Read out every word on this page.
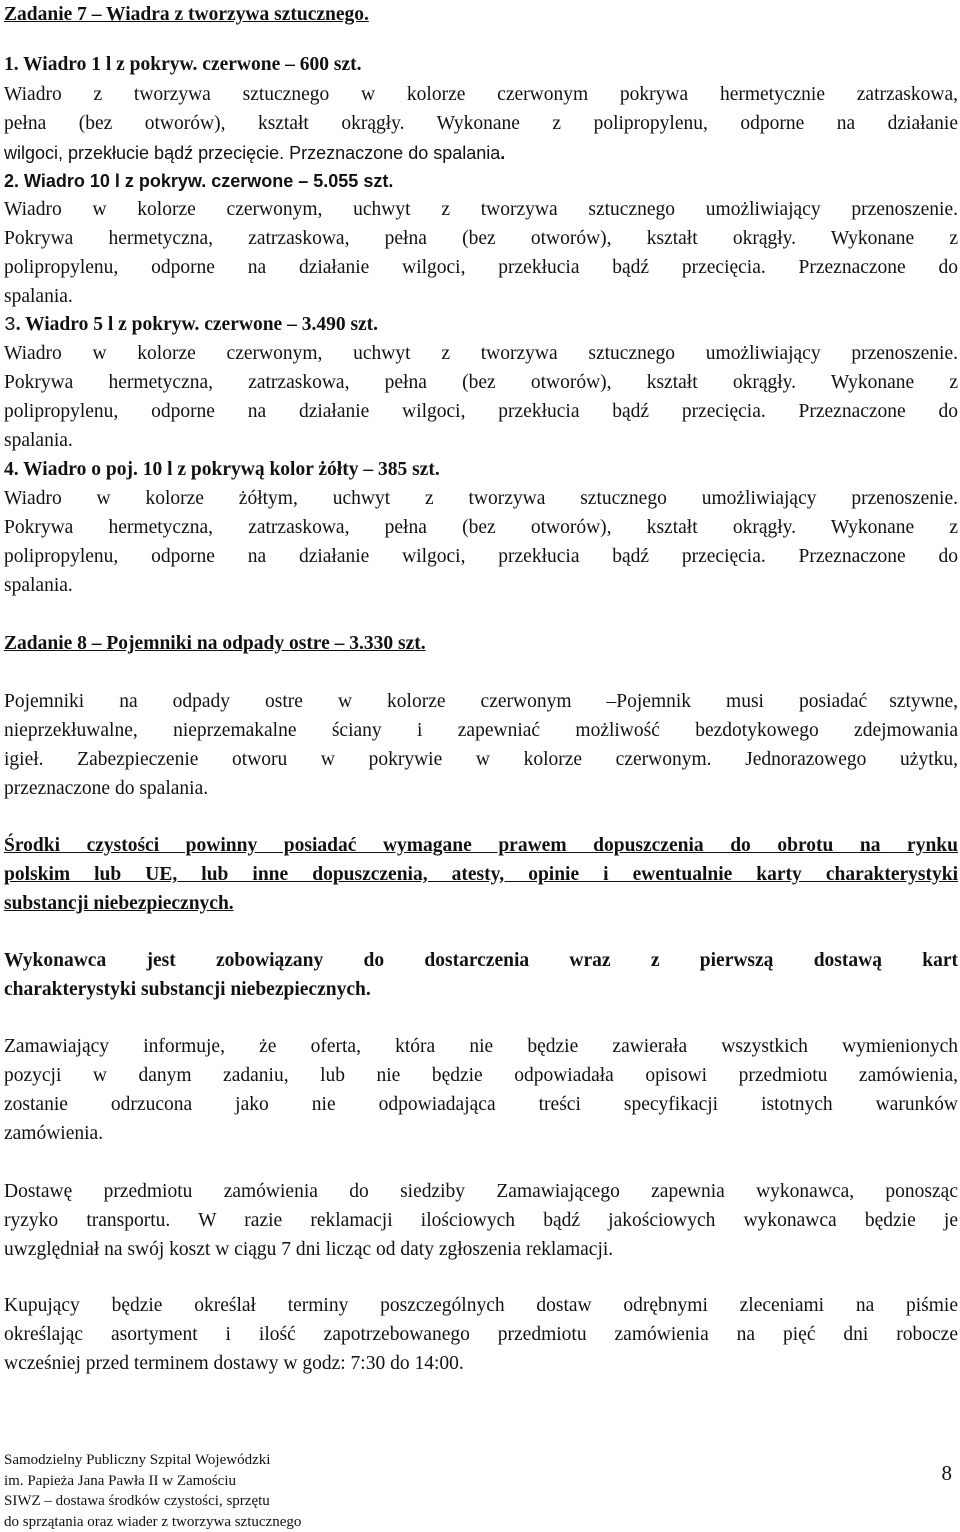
Zadanie 7 – Wiadra z tworzywa sztucznego.
1. Wiadro 1 l z pokryw. czerwone – 600 szt.
Wiadro z tworzywa sztucznego w kolorze czerwonym pokrywa hermetycznie zatrzaskowa,
pełna (bez otworów), kształt okrągły. Wykonane z polipropylenu, odporne na działanie
wilgoci, przekłucie bądź przecięcie. Przeznaczone do spalania.
2. Wiadro 10 l z pokryw. czerwone – 5.055 szt.
Wiadro w kolorze czerwonym, uchwyt z tworzywa sztucznego umożliwiający przenoszenie.
Pokrywa hermetyczna, zatrzaskowa, pełna (bez otworów), kształt okrągły. Wykonane z
polipropylenu, odporne na działanie wilgoci, przekłucia bądź przecięcia. Przeznaczone do
spalania.
3. Wiadro 5 l z pokryw. czerwone – 3.490 szt.
Wiadro w kolorze czerwonym, uchwyt z tworzywa sztucznego umożliwiający przenoszenie.
Pokrywa hermetyczna, zatrzaskowa, pełna (bez otworów), kształt okrągły. Wykonane z
polipropylenu, odporne na działanie wilgoci, przekłucia bądź przecięcia. Przeznaczone do
spalania.
4. Wiadro o poj. 10 l z pokrywą kolor żółty – 385 szt.
Wiadro w kolorze żółtym, uchwyt z tworzywa sztucznego umożliwiający przenoszenie.
Pokrywa hermetyczna, zatrzaskowa, pełna (bez otworów), kształt okrągły. Wykonane z
polipropylenu, odporne na działanie wilgoci, przekłucia bądź przecięcia. Przeznaczone do
spalania.
Zadanie 8 – Pojemniki na odpady ostre – 3.330 szt.
Pojemniki na odpady ostre w kolorze czerwonym –Pojemnik musi posiadać sztywne,
nieprzekłuwalne, nieprzemakalne ściany i zapewniać możliwość bezdotykowego zdejmowania
igieł. Zabezpieczenie otworu w pokrywie w kolorze czerwonym. Jednorazowego użytku,
przeznaczone do spalania.
Środki czystości powinny posiadać wymagane prawem dopuszczenia do obrotu na rynku
polskim lub UE, lub inne dopuszczenia, atesty, opinie i ewentualnie karty charakterystyki
substancji niebezpiecznych.
Wykonawca jest zobowiązany do dostarczenia wraz z pierwszą dostawą kart
charakterystyki substancji niebezpiecznych.
Zamawiający informuje, że oferta, która nie będzie zawierała wszystkich wymienionych
pozycji w danym zadaniu, lub nie będzie odpowiadała opisowi przedmiotu zamówienia,
zostanie odrzucona jako nie odpowiadająca treści specyfikacji istotnych warunków
zamówienia.
Dostawę przedmiotu zamówienia do siedziby Zamawiającego zapewnia wykonawca, ponosząc
ryzyko transportu. W razie reklamacji ilościowych bądź jakościowych wykonawca będzie je
uwzględniał na swój koszt w ciągu 7 dni licząc od daty zgłoszenia reklamacji.
Kupujący będzie określał terminy poszczególnych dostaw odrębnymi zleceniami na piśmie
określając asortyment i ilość zapotrzebowanego przedmiotu zamówienia na pięć dni robocze
wcześniej przed terminem dostawy w godz: 7:30 do 14:00.
Samodzielny Publiczny Szpital Wojewódzki
im. Papieża Jana Pawła II w Zamościu
SIWZ – dostawa środków czystości, sprzętu
do sprzątania oraz wiader z tworzywa sztucznego
8
